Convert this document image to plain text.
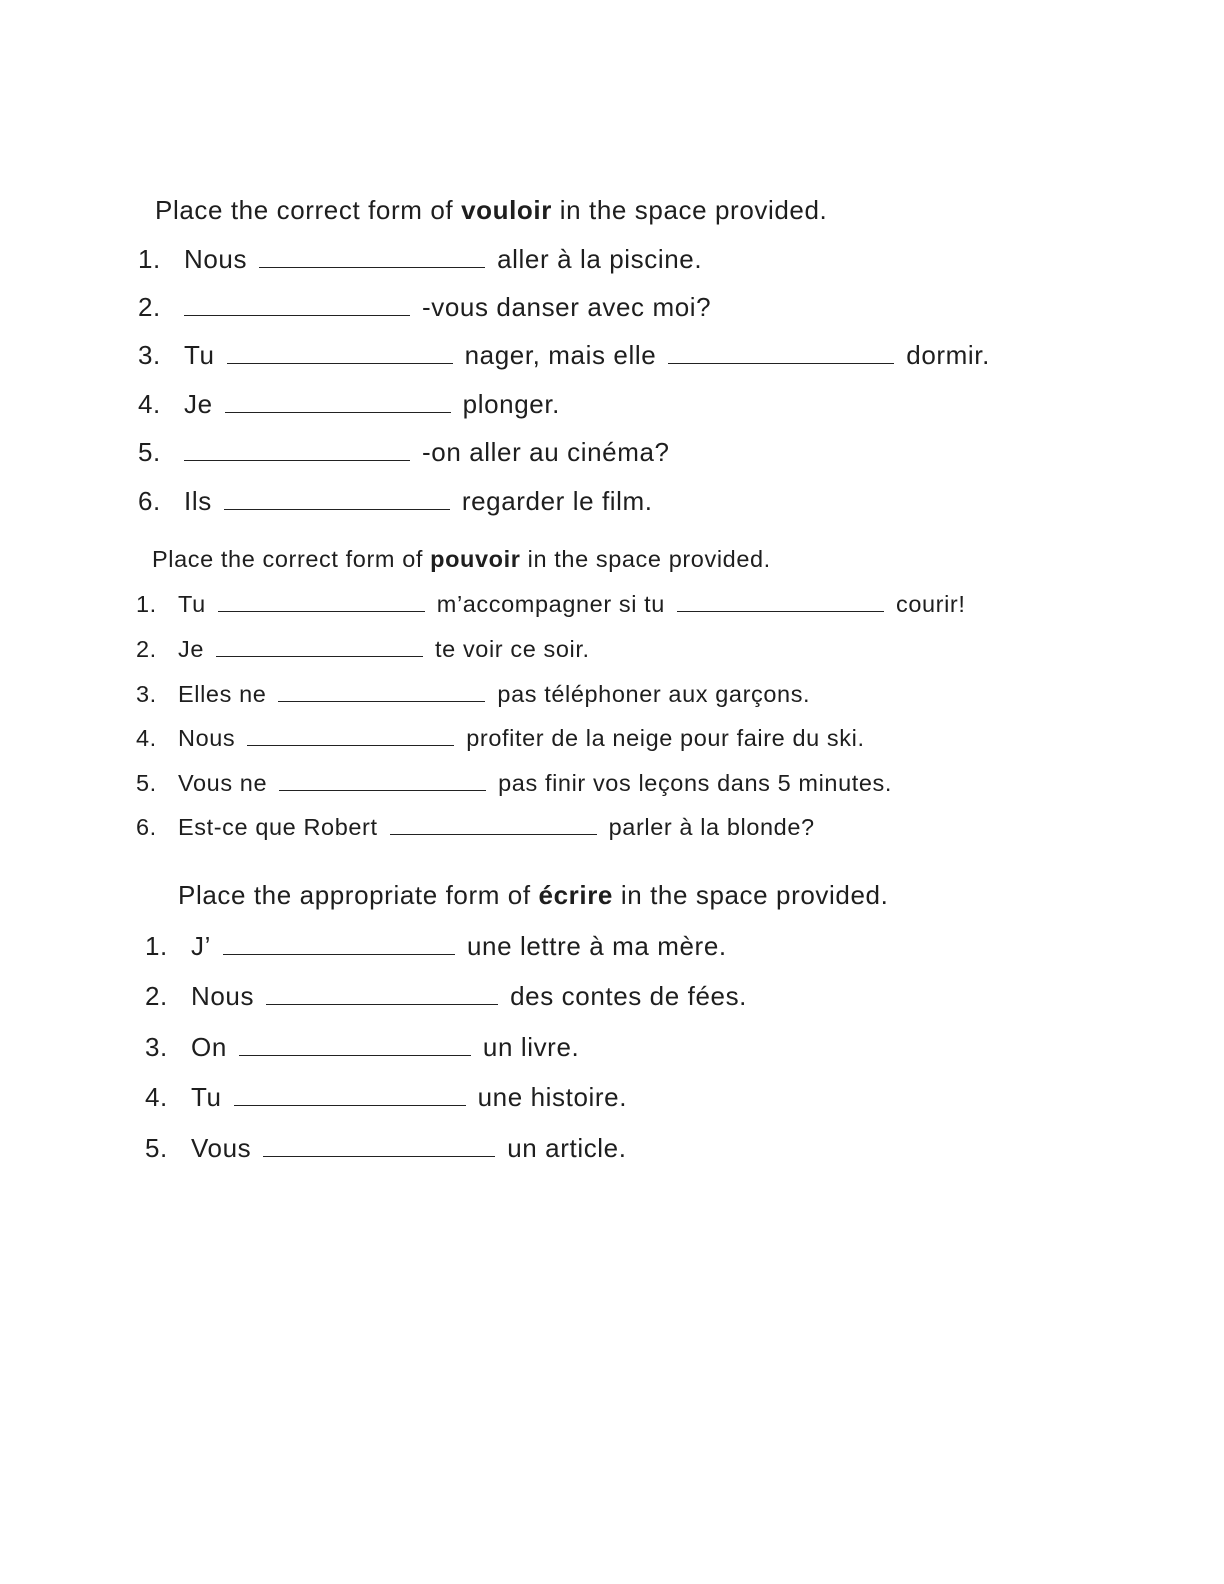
Place the correct form of
vouloir
in the space provided.
1. Nous	aller à la piscine.
2.	-vous danser avec moi?
3. Tu	nager, mais elle	dormir.
4. Je	plonger.
5.	-on aller au cinéma?
6. Ils	regarder le film.
Place the correct form of
pouvoir
in the space provided.
1. Tu	m’accompagner si tu	courir!
2. Je	te voir ce soir.
3. Elles ne	pas téléphoner aux garçons.
4. Nous	profiter de la neige pour faire du ski.
5. Vous ne	pas finir vos leçons dans 5 minutes.
6. Est-ce que Robert	parler à la blonde?
Place the appropriate form of
écrire
in the space provided.
1. J’	une lettre à ma mère.
2. Nous	des contes de fées.
3. On	un livre.
4. Tu	une histoire.
5. Vous	un article.
